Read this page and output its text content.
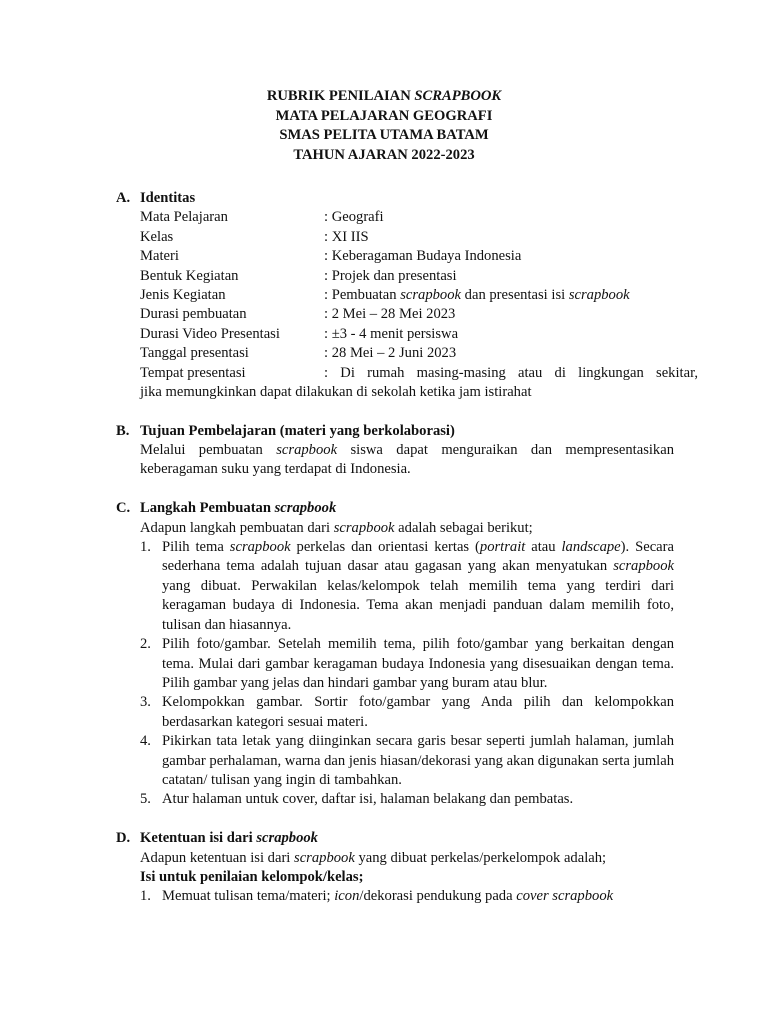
RUBRIK PENILAIAN SCRAPBOOK
MATA PELAJARAN GEOGRAFI
SMAS PELITA UTAMA BATAM
TAHUN AJARAN 2022-2023
A. Identitas
Mata Pelajaran	: Geografi
Kelas	: XI IIS
Materi	: Keberagaman Budaya Indonesia
Bentuk Kegiatan	: Projek dan presentasi
Jenis Kegiatan	: Pembuatan scrapbook dan presentasi isi scrapbook
Durasi pembuatan	: 2 Mei – 28 Mei 2023
Durasi Video Presentasi	: ±3 - 4 menit persiswa
Tanggal presentasi	: 28 Mei – 2 Juni 2023
Tempat presentasi	: Di rumah masing-masing atau di lingkungan sekitar,
jika memungkinkan dapat dilakukan di sekolah ketika jam istirahat
B. Tujuan Pembelajaran (materi yang berkolaborasi)
Melalui pembuatan scrapbook siswa dapat menguraikan dan mempresentasikan keberagaman suku yang terdapat di Indonesia.
C. Langkah Pembuatan scrapbook
Adapun langkah pembuatan dari scrapbook adalah sebagai berikut;
1. Pilih tema scrapbook perkelas dan orientasi kertas (portrait atau landscape). Secara sederhana tema adalah tujuan dasar atau gagasan yang akan menyatukan scrapbook yang dibuat. Perwakilan kelas/kelompok telah memilih tema yang terdiri dari keragaman budaya di Indonesia. Tema akan menjadi panduan dalam memilih foto, tulisan dan hiasannya.
2. Pilih foto/gambar. Setelah memilih tema, pilih foto/gambar yang berkaitan dengan tema. Mulai dari gambar keragaman budaya Indonesia yang disesuaikan dengan tema. Pilih gambar yang jelas dan hindari gambar yang buram atau blur.
3. Kelompokkan gambar. Sortir foto/gambar yang Anda pilih dan kelompokkan berdasarkan kategori sesuai materi.
4. Pikirkan tata letak yang diinginkan secara garis besar seperti jumlah halaman, jumlah gambar perhalaman, warna dan jenis hiasan/dekorasi yang akan digunakan serta jumlah catatan/ tulisan yang ingin di tambahkan.
5. Atur halaman untuk cover, daftar isi, halaman belakang dan pembatas.
D. Ketentuan isi dari scrapbook
Adapun ketentuan isi dari scrapbook yang dibuat perkelas/perkelompok adalah;
Isi untuk penilaian kelompok/kelas;
1. Memuat tulisan tema/materi; icon/dekorasi pendukung pada cover scrapbook
